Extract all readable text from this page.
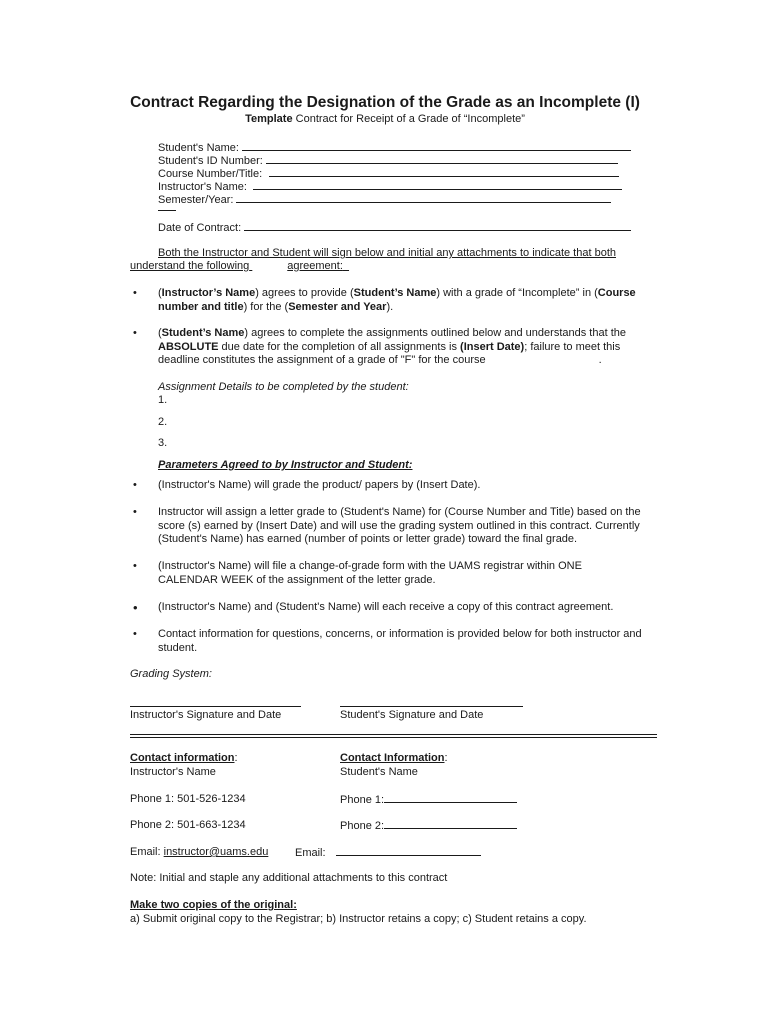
Contract Regarding the Designation of the Grade as an Incomplete (I)
Template Contract for Receipt of a Grade of “Incomplete”
Student's Name:
Student's ID Number:
Course Number/Title:
Instructor's Name:
Semester/Year:
Date of Contract:
Both the Instructor and Student will sign below and initial any attachments to indicate that both
understand the following	agreement:
• (Instructor’s Name) agrees to provide (Student’s Name) with a grade of “Incomplete” in (Course number and title) for the (Semester and Year).
• (Student’s Name) agrees to complete the assignments outlined below and understands that the ABSOLUTE due date for the completion of all assignments is (Insert Date); failure to meet this deadline constitutes the assignment of a grade of "F" for the course	.
Assignment Details to be completed by the student:
1.
2.
3.
Parameters Agreed to by Instructor and Student:
• (Instructor's Name) will grade the product/ papers by (Insert Date).
• Instructor will assign a letter grade to (Student's Name) for (Course Number and Title) based on the score (s) earned by (Insert Date) and will use the grading system outlined in this contract. Currently (Student's Name) has earned (number of points or letter grade) toward the final grade.
• (Instructor's Name) will file a change-of-grade form with the UAMS registrar within ONE CALENDAR WEEK of the assignment of the letter grade.
• (Instructor's Name) and (Student's Name) will each receive a copy of this contract agreement.
• Contact information for questions, concerns, or information is provided below for both instructor and student.
Grading System:
Instructor's Signature and Date	Student's Signature and Date
Contact information:	Contact Information:
Instructor's Name	Student's Name
Phone 1: 501-526-1234	Phone 1:
Phone 2: 501-663-1234	Phone 2:
Email: instructor@uams.edu Email:
Note: Initial and staple any additional attachments to this contract
Make two copies of the original:
a) Submit original copy to the Registrar; b) Instructor retains a copy; c) Student retains a copy.
